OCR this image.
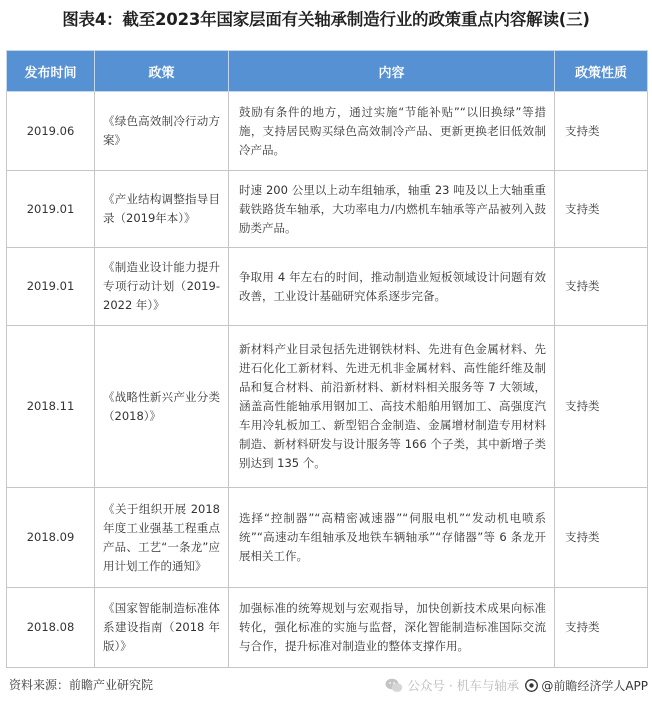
图表4：截至2023年国家层面有关轴承制造行业的政策重点内容解读(三)
发布时间	政策	内容	政策性质
2019.06	《绿色高效制冷行动方案》	鼓励有条件的地方，通过实施“节能补贴”“以旧换绿”等措施，支持居民购买绿色高效制冷产品、更新更换老旧低效制冷产品。	支持类
2019.01	《产业结构调整指导目录（2019年本）》	时速 200 公里以上动车组轴承，轴重 23 吨及以上大轴重重载铁路货车轴承，大功率电力/内燃机车轴承等产品被列入鼓励类产品。	支持类
2019.01	《制造业设计能力提升专项行动计划（2019-2022 年）》	争取用 4 年左右的时间，推动制造业短板领域设计问题有效改善，工业设计基础研究体系逐步完备。	支持类
2018.11	《战略性新兴产业分类（2018）》	新材料产业目录包括先进钢铁材料、先进有色金属材料、先进石化化工新材料、先进无机非金属材料、高性能纤维及制品和复合材料、前沿新材料、新材料相关服务等 7 大领域，涵盖高性能轴承用钢加工、高技术船舶用钢加工、高强度汽车用冷轧板加工、新型铝合金制造、金属增材制造专用材料制造、新材料研发与设计服务等 166 个子类，其中新增子类别达到 135 个。	支持类
2018.09	《关于组织开展 2018 年度工业强基工程重点产品、工艺“一条龙”应用计划工作的通知》	选择“控制器”“高精密减速器”“伺服电机”“发动机电喷系统”“高速动车组轴承及地铁车辆轴承”“存储器”等 6 条龙开展相关工作。	支持类
2018.08	《国家智能制造标准体系建设指南（2018 年版）》	加强标准的统筹规划与宏观指导，加快创新技术成果向标准转化，强化标准的实施与监督，深化智能制造标准国际交流与合作，提升标准对制造业的整体支撑作用。	支持类
资料来源：前瞻产业研究院	公众号 · 机车与轴承 @前瞻经济学人APP
